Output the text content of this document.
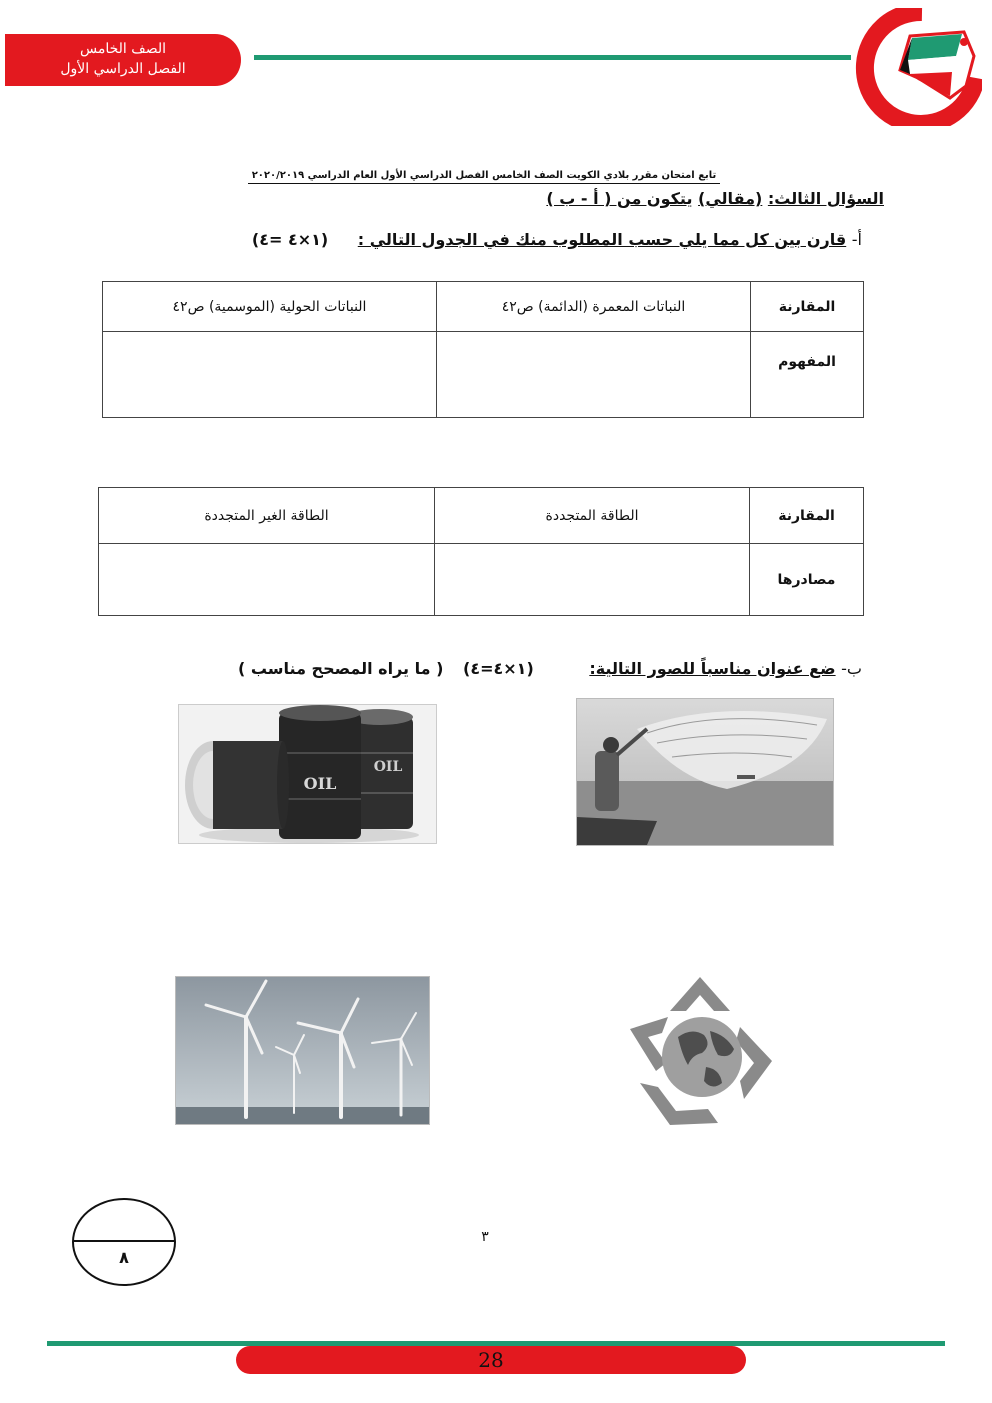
الصف الخامس
الفصل الدراسي الأول
تابع امتحان مقرر بلادي الكويت الصف الخامس الفصل الدراسي الأول العام الدراسي ٢٠٢٠/٢٠١٩
السؤال الثالث: (مقالي) يتكون من ( أ - ب )
أ- قارن بين كل مما يلي حسب المطلوب منك في الجدول التالي : (١×٤ =٤)
المقارنة	النباتات المعمرة (الدائمة) ص٤٢	النباتات الحولية (الموسمية) ص٤٢
المفهوم		
المقارنة	الطاقة المتجددة	الطاقة الغير المتجددة
مصادرها		
ب- ضع عنوان مناسباً للصور التالية: (١×٤=٤) ( ما يراه المصحح مناسب )
OIL
OIL
٨
٣
28
